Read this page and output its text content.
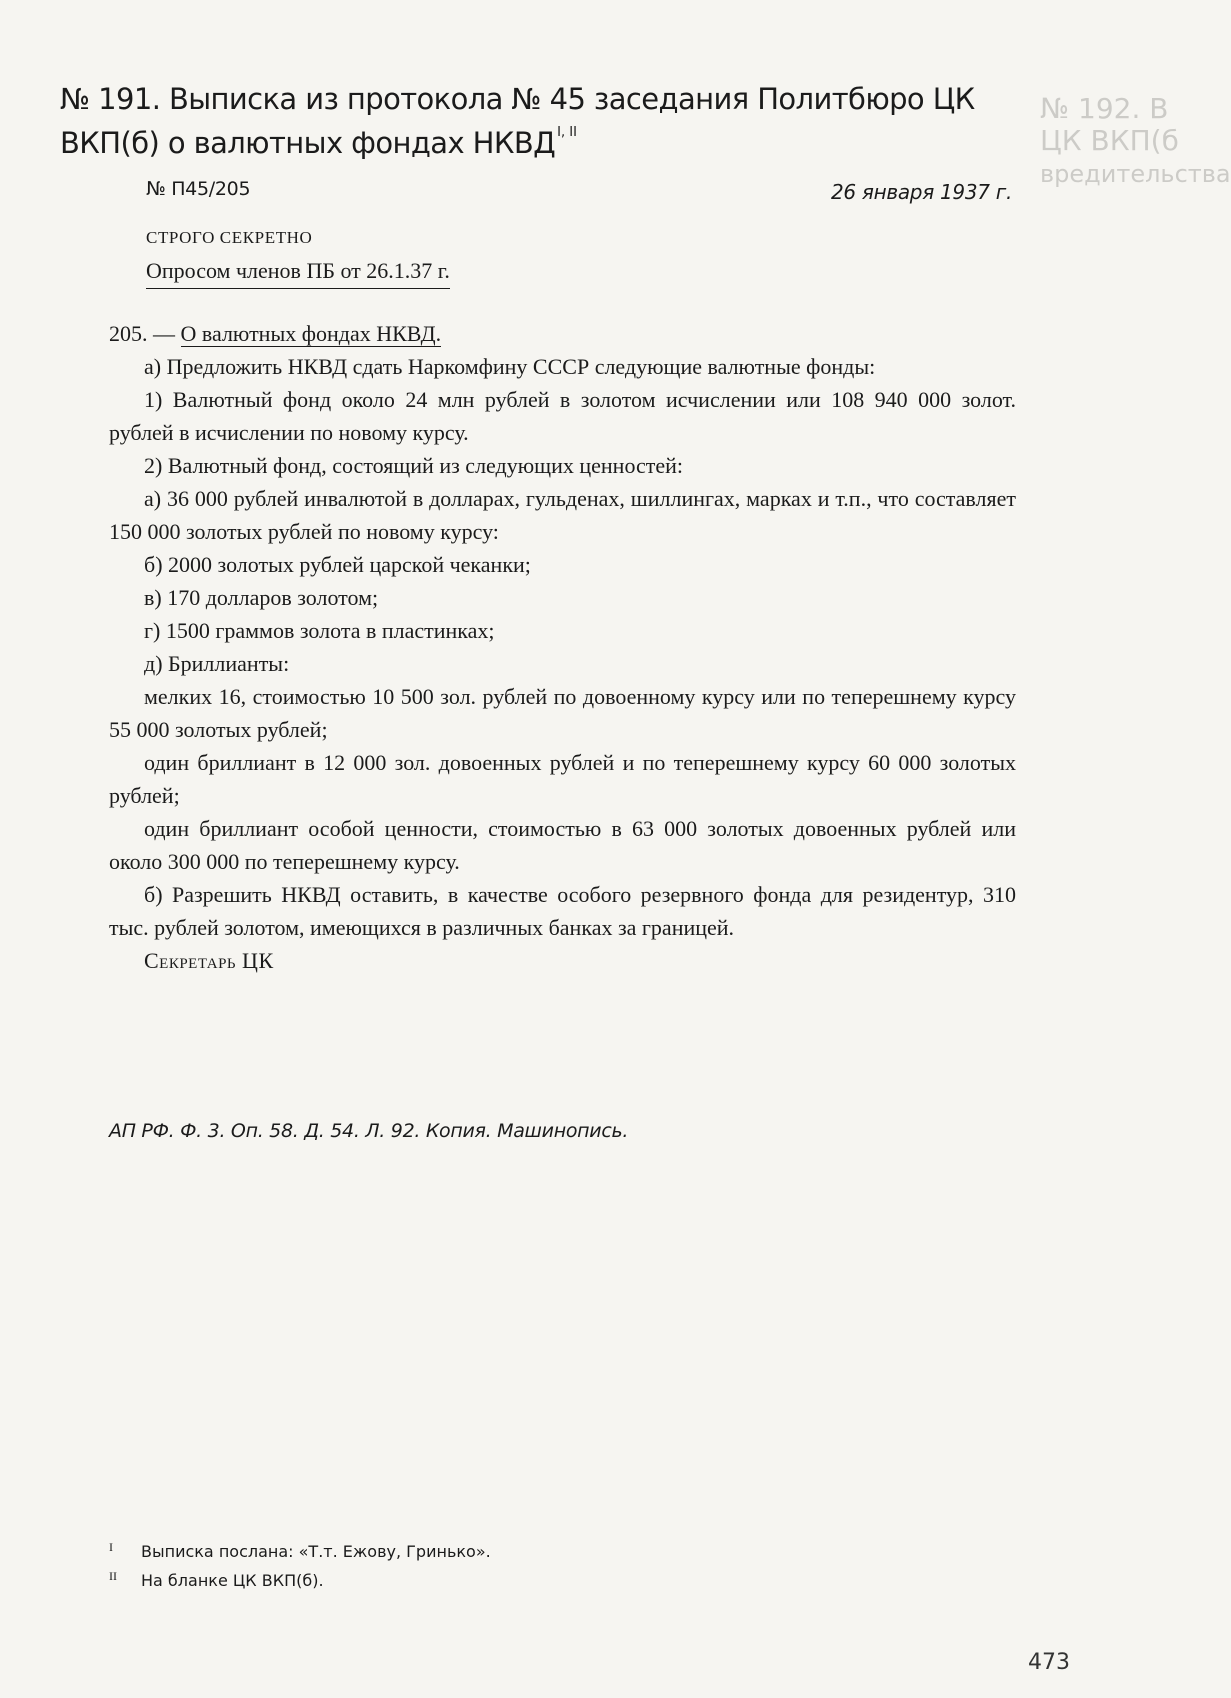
№ 192. В
ЦК ВКП(б
вредительства
№ 191. Выписка из протокола № 45 заседания Политбюро ЦК ВКП(б) о валютных фондах НКВД $^{I, II}$
№ П45/205	26 января 1937 г.
СТРОГО СЕКРЕТНО
Опросом членов ПБ от 26.1.37 г.

205. — О валютных фондах НКВД.

а) Предложить НКВД сдать Наркомфину СССР следующие валютные фонды:

1) Валютный фонд около 24 млн рублей в золотом исчислении или 108 940 000 золот. рублей в исчислении по новому курсу.

2) Валютный фонд, состоящий из следующих ценностей:

а) 36 000 рублей инвалютой в долларах, гульденах, шиллингах, марках и т.п., что составляет 150 000 золотых рублей по новому курсу:

б) 2000 золотых рублей царской чеканки;

в) 170 долларов золотом;

г) 1500 граммов золота в пластинках;

д) Бриллианты:

мелких 16, стоимостью 10 500 зол. рублей по довоенному курсу или по теперешнему курсу 55 000 золотых рублей;

один бриллиант в 12 000 зол. довоенных рублей и по теперешнему курсу 60 000 золотых рублей;

один бриллиант особой ценности, стоимостью в 63 000 золотых довоенных рублей или около 300 000 по теперешнему курсу.

б) Разрешить НКВД оставить, в качестве особого резервного фонда для резидентур, 310 тыс. рублей золотом, имеющихся в различных банках за границей.

Секретарь ЦК

АП РФ. Ф. 3. Оп. 58. Д. 54. Л. 92. Копия. Машинопись.
I Выписка послана: «Т.т. Ежову, Гринько».
II На бланке ЦК ВКП(б).
473
